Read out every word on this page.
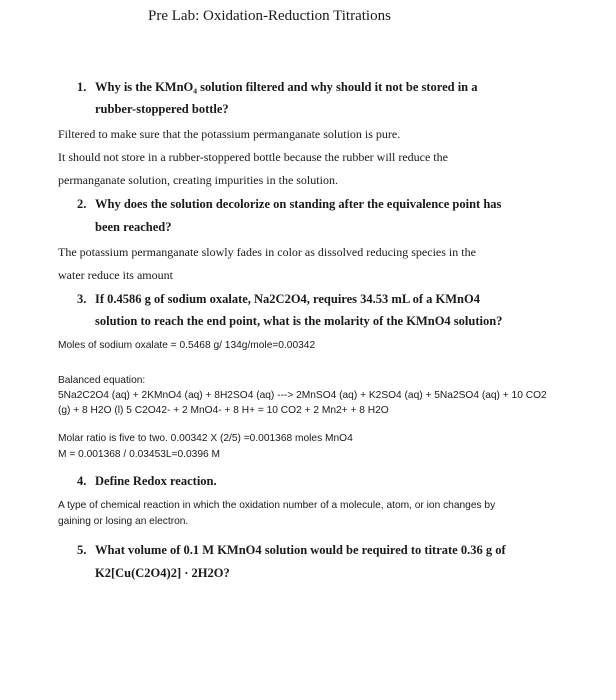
Pre Lab: Oxidation-Reduction Titrations
1. Why is the KMnO₄ solution filtered and why should it not be stored in a
rubber-stoppered bottle?
Filtered to make sure that the potassium permanganate solution is pure.
It should not store in a rubber-stoppered bottle because the rubber will reduce the
permanganate solution, creating impurities in the solution.
2. Why does the solution decolorize on standing after the equivalence point has
been reached?
The potassium permanganate slowly fades in color as dissolved reducing species in the
water reduce its amount
3. If 0.4586 g of sodium oxalate, Na2C2O4, requires 34.53 mL of a KMnO4
solution to reach the end point, what is the molarity of the KMnO4 solution?
Moles of sodium oxalate = 0.5468 g/ 134g/mole=0.00342
Balanced equation:
5Na2C2O4 (aq) + 2KMnO4 (aq) + 8H2SO4 (aq) ---> 2MnSO4 (aq) + K2SO4 (aq) + 5Na2SO4 (aq) + 10 CO2
(g) + 8 H2O (l) 5 C2O42- + 2 MnO4- + 8 H+ = 10 CO2 + 2 Mn2+ + 8 H2O
Molar ratio is five to two. 0.00342 X (2/5) =0.001368 moles MnO4
M = 0.001368 / 0.03453L=0.0396 M
4. Define Redox reaction.
A type of chemical reaction in which the oxidation number of a molecule, atom, or ion changes by
gaining or losing an electron.
5. What volume of 0.1 M KMnO4 solution would be required to titrate 0.36 g of
K2[Cu(C2O4)2] · 2H2O?
